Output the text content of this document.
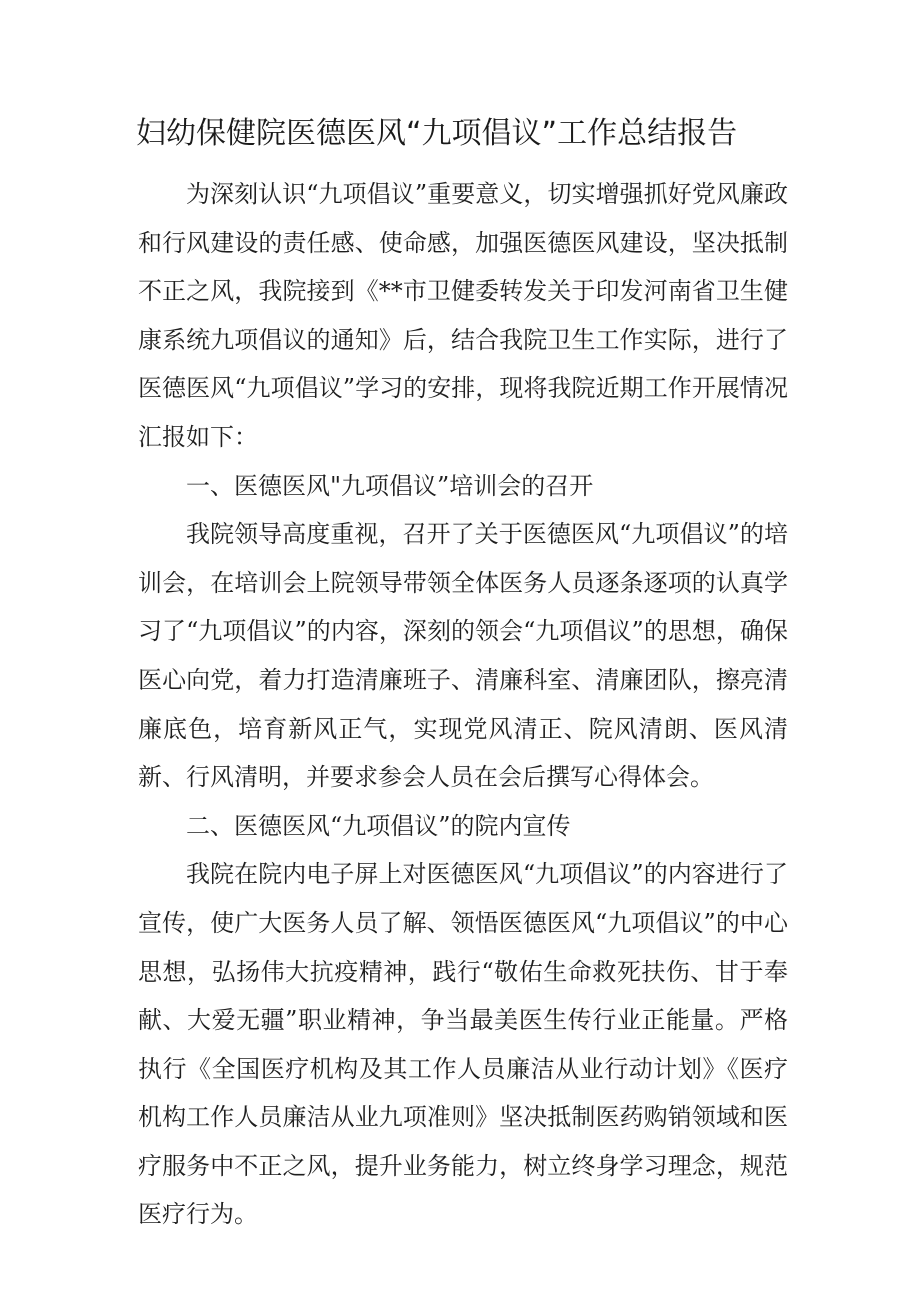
妇幼保健院医德医风“九项倡议”工作总结报告

为深刻认识“九项倡议”重要意义，切实增强抓好党风廉政和行风建设的责任感、使命感，加强医德医风建设，坚决抵制不正之风，我院接到《**市卫健委转发关于印发河南省卫生健康系统九项倡议的通知》后，结合我院卫生工作实际，进行了医德医风“九项倡议”学习的安排，现将我院近期工作开展情况汇报如下：

一、医德医风"九项倡议”培训会的召开

我院领导高度重视，召开了关于医德医风“九项倡议”的培训会，在培训会上院领导带领全体医务人员逐条逐项的认真学习了“九项倡议”的内容，深刻的领会“九项倡议”的思想，确保医心向党，着力打造清廉班子、清廉科室、清廉团队，擦亮清廉底色，培育新风正气，实现党风清正、院风清朗、医风清新、行风清明，并要求参会人员在会后撰写心得体会。

二、医德医风“九项倡议”的院内宣传

我院在院内电子屏上对医德医风“九项倡议”的内容进行了宣传，使广大医务人员了解、领悟医德医风“九项倡议”的中心思想，弘扬伟大抗疫精神，践行“敬佑生命救死扶伤、甘于奉献、大爱无疆”职业精神，争当最美医生传行业正能量。严格执行《全国医疗机构及其工作人员廉洁从业行动计划》《医疗机构工作人员廉洁从业九项准则》坚决抵制医药购销领域和医疗服务中不正之风，提升业务能力，树立终身学习理念，规范医疗行为。
